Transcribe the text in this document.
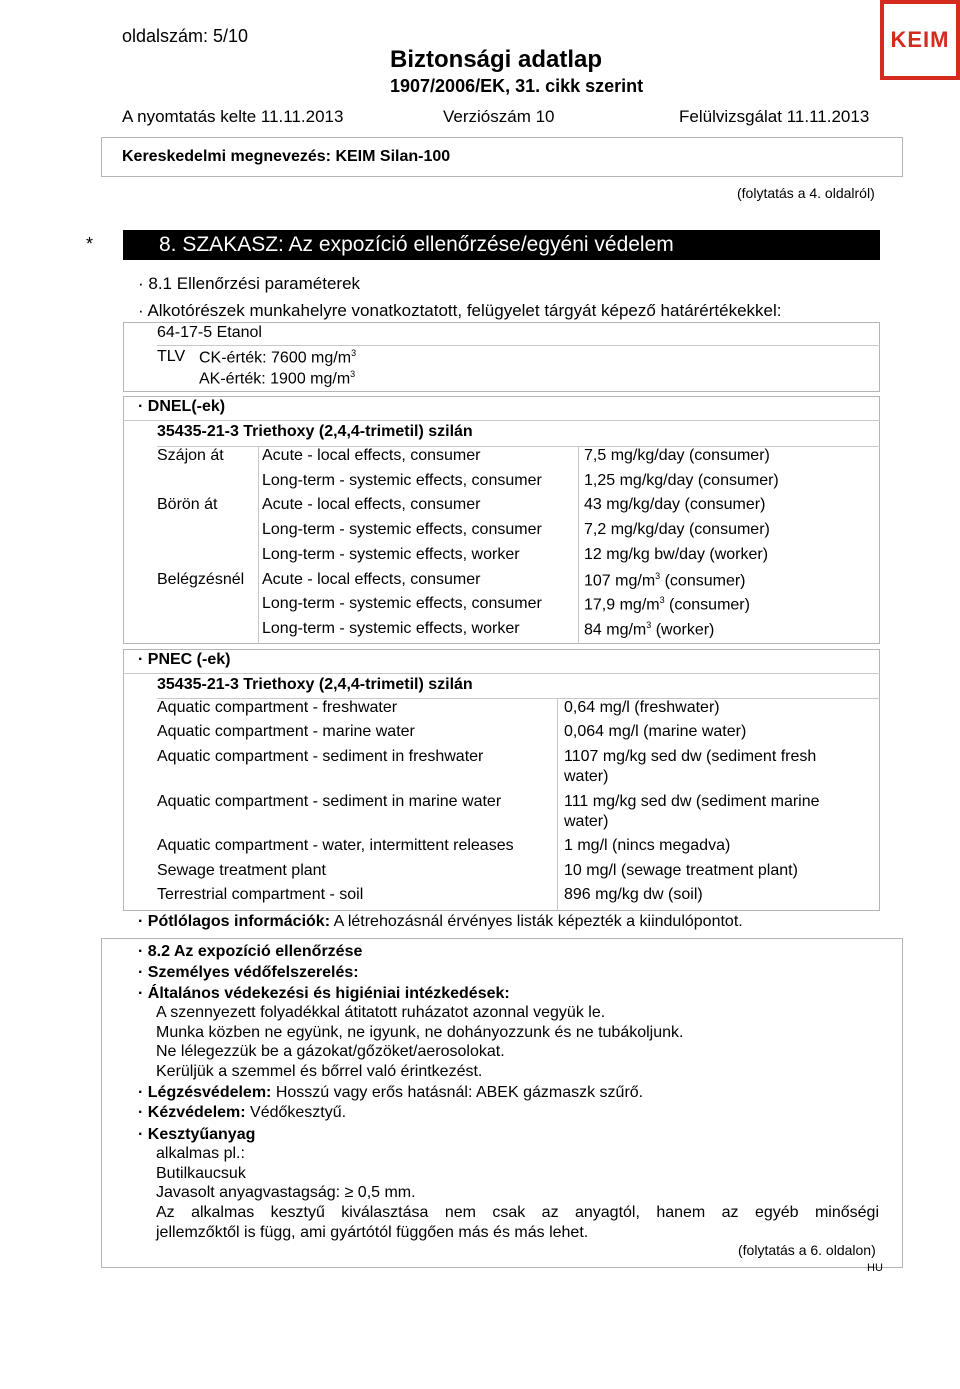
oldalszám: 5/10
Biztonsági adatlap
1907/2006/EK, 31. cikk szerint
KEIM
A nyomtatás kelte 11.11.2013	Verziószám 10	Felülvizsgálat 11.11.2013
Kereskedelmi megnevezés: KEIM Silan-100
(folytatás a 4. oldalról)
*	8. SZAKASZ: Az expozíció ellenőrzése/egyéni védelem
· 8.1 Ellenőrzési paraméterek
· Alkotórészek munkahelyre vonatkoztatott, felügyelet tárgyát képező határértékekkel:
64-17-5 Etanol
TLV CK-érték: 7600 $mg/m^3$
AK-érték: 1900 $mg/m^3$
· DNEL(-ek)
35435-21-3 Triethoxy (2,4,4-trimetil) szilán
Szájon át Acute - local effects, consumer	7,5 mg/kg/day (consumer)
Long-term - systemic effects, consumer	1,25 mg/kg/day (consumer)
Börön át	Acute - local effects, consumer	43 mg/kg/day (consumer)
Long-term - systemic effects, consumer	7,2 mg/kg/day (consumer)
Long-term - systemic effects, worker	12 mg/kg bw/day (worker)
Belégzésnél Acute - local effects, consumer	107 $mg/m^3$ (consumer)
Long-term - systemic effects, consumer	17,9 $mg/m^3$ (consumer)
Long-term - systemic effects, worker	84 $mg/m^3$ (worker)
· PNEC (-ek)
35435-21-3 Triethoxy (2,4,4-trimetil) szilán
Aquatic compartment - freshwater	0,64 mg/l (freshwater)
Aquatic compartment - marine water	0,064 mg/l (marine water)
Aquatic compartment - sediment in freshwater	1107 mg/kg sed dw (sediment fresh
water)
Aquatic compartment - sediment in marine water	111 mg/kg sed dw (sediment marine
water)
Aquatic compartment - water, intermittent releases	1 mg/l (nincs megadva)
Sewage treatment plant	10 mg/l (sewage treatment plant)
Terrestrial compartment - soil	896 mg/kg dw (soil)
· Pótlólagos információk: A létrehozásnál érvényes listák képezték a kiindulópontot.
· 8.2 Az expozíció ellenőrzése
· Személyes védőfelszerelés:
· Általános védekezési és higiéniai intézkedések:
A szennyezett folyadékkal átitatott ruházatot azonnal vegyük le.
Munka közben ne együnk, ne igyunk, ne dohányozzunk és ne tubákoljunk.
Ne lélegezzük be a gázokat/gőzöket/aerosolokat.
Kerüljük a szemmel és bőrrel való érintkezést.
· Légzésvédelem: Hosszú vagy erős hatásnál: ABEK gázmaszk szűrő.
· Kézvédelem: Védőkesztyű.
· Kesztyűanyag
alkalmas pl.:
Butilkaucsuk
Javasolt anyagvastagság: ≥ 0,5 mm.
Az alkalmas kesztyű kiválasztása nem csak az anyagtól, hanem az egyéb minőségi
jellemzőktől is függ, ami gyártótól függően más és más lehet.
(folytatás a 6. oldalon)
HU
